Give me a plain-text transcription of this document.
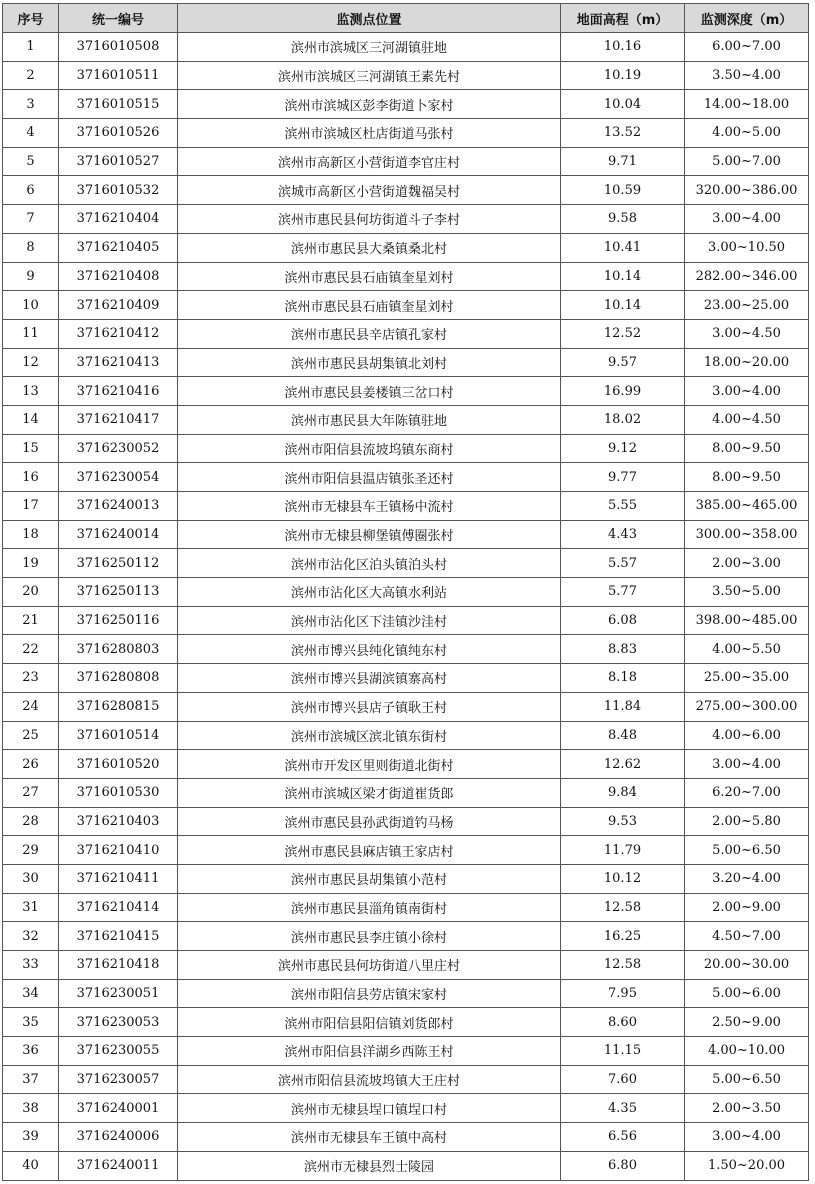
序号	统一编号	监测点位置	地面高程（m）	监测深度（m）
1	3716010508	滨州市滨城区三河湖镇驻地	10.16	6.00~7.00
2	3716010511	滨州市滨城区三河湖镇王素先村	10.19	3.50~4.00
3	3716010515	滨州市滨城区彭李街道卜家村	10.04	14.00~18.00
4	3716010526	滨州市滨城区杜店街道马张村	13.52	4.00~5.00
5	3716010527	滨州市高新区小营街道李官庄村	9.71	5.00~7.00
6	3716010532	滨城市高新区小营街道魏福吴村	10.59	320.00~386.00
7	3716210404	滨州市惠民县何坊街道斗子李村	9.58	3.00~4.00
8	3716210405	滨州市惠民县大桑镇桑北村	10.41	3.00~10.50
9	3716210408	滨州市惠民县石庙镇奎星刘村	10.14	282.00~346.00
10	3716210409	滨州市惠民县石庙镇奎星刘村	10.14	23.00~25.00
11	3716210412	滨州市惠民县辛店镇孔家村	12.52	3.00~4.50
12	3716210413	滨州市惠民县胡集镇北刘村	9.57	18.00~20.00
13	3716210416	滨州市惠民县姜楼镇三岔口村	16.99	3.00~4.00
14	3716210417	滨州市惠民县大年陈镇驻地	18.02	4.00~4.50
15	3716230052	滨州市阳信县流坡坞镇东商村	9.12	8.00~9.50
16	3716230054	滨州市阳信县温店镇张圣还村	9.77	8.00~9.50
17	3716240013	滨州市无棣县车王镇杨中流村	5.55	385.00~465.00
18	3716240014	滨州市无棣县柳堡镇傅圈张村	4.43	300.00~358.00
19	3716250112	滨州市沾化区泊头镇泊头村	5.57	2.00~3.00
20	3716250113	滨州市沾化区大高镇水利站	5.77	3.50~5.00
21	3716250116	滨州市沾化区下洼镇沙洼村	6.08	398.00~485.00
22	3716280803	滨州市博兴县纯化镇纯东村	8.83	4.00~5.50
23	3716280808	滨州市博兴县湖滨镇寨高村	8.18	25.00~35.00
24	3716280815	滨州市博兴县店子镇耿王村	11.84	275.00~300.00
25	3716010514	滨州市滨城区滨北镇东街村	8.48	4.00~6.00
26	3716010520	滨州市开发区里则街道北街村	12.62	3.00~4.00
27	3716010530	滨州市滨城区梁才街道崔货郎	9.84	6.20~7.00
28	3716210403	滨州市惠民县孙武街道钓马杨	9.53	2.00~5.80
29	3716210410	滨州市惠民县麻店镇王家店村	11.79	5.00~6.50
30	3716210411	滨州市惠民县胡集镇小范村	10.12	3.20~4.00
31	3716210414	滨州市惠民县淄角镇南街村	12.58	2.00~9.00
32	3716210415	滨州市惠民县李庄镇小徐村	16.25	4.50~7.00
33	3716210418	滨州市惠民县何坊街道八里庄村	12.58	20.00~30.00
34	3716230051	滨州市阳信县劳店镇宋家村	7.95	5.00~6.00
35	3716230053	滨州市阳信县阳信镇刘货郎村	8.60	2.50~9.00
36	3716230055	滨州市阳信县洋湖乡西陈王村	11.15	4.00~10.00
37	3716230057	滨州市阳信县流坡坞镇大王庄村	7.60	5.00~6.50
38	3716240001	滨州市无棣县埕口镇埕口村	4.35	2.00~3.50
39	3716240006	滨州市无棣县车王镇中高村	6.56	3.00~4.00
40	3716240011	滨州市无棣县烈士陵园	6.80	1.50~20.00
